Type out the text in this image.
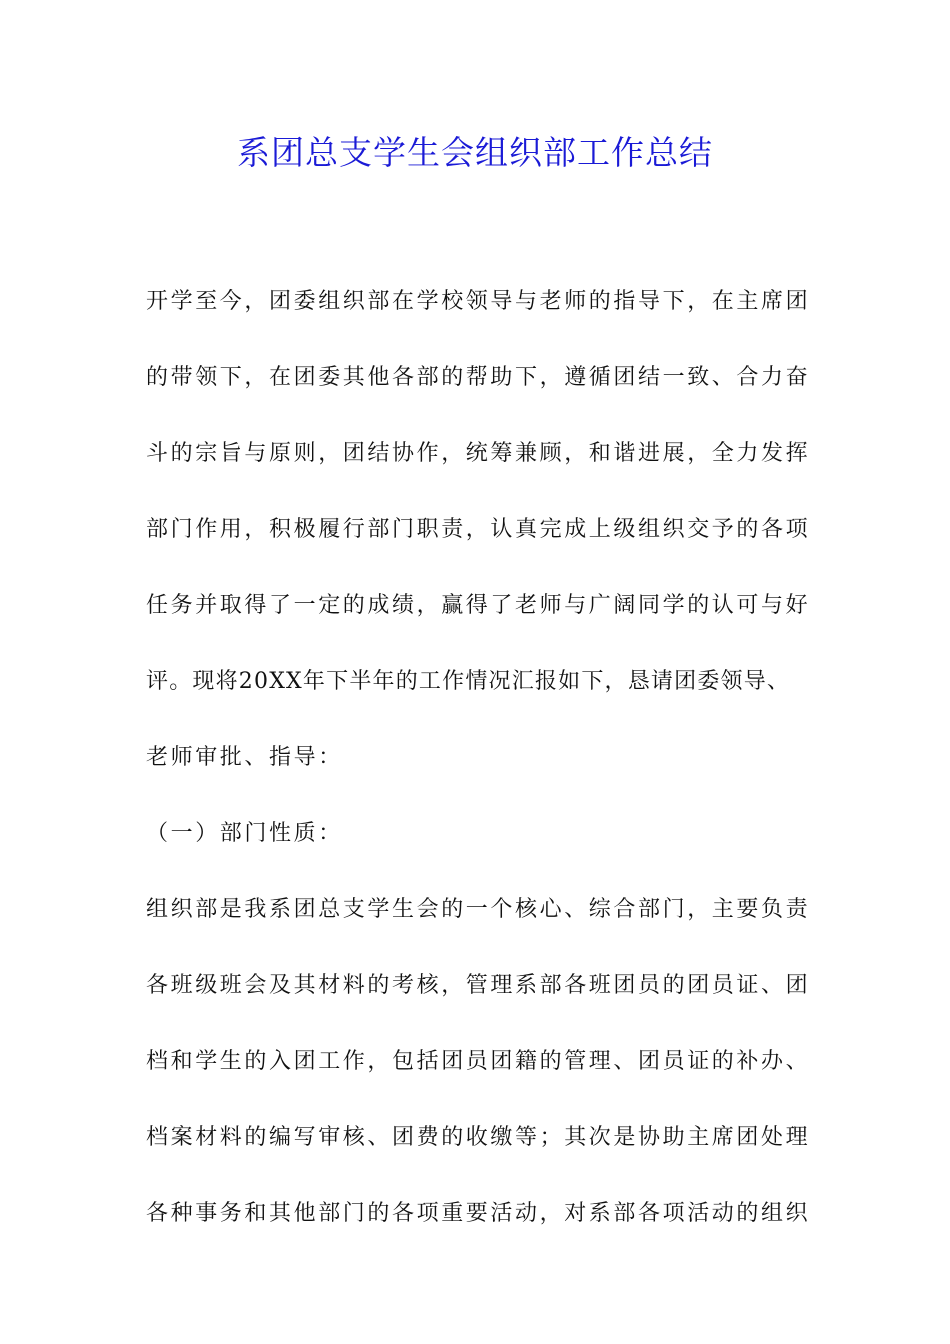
系团总支学生会组织部工作总结
开学至今，团委组织部在学校领导与老师的指导下，在主席团
的带领下，在团委其他各部的帮助下，遵循团结一致、合力奋
斗的宗旨与原则，团结协作，统筹兼顾，和谐进展，全力发挥
部门作用，积极履行部门职责，认真完成上级组织交予的各项
任务并取得了一定的成绩，赢得了老师与广阔同学的认可与好
评。现将20XX年下半年的工作情况汇报如下，恳请团委领导、
老师审批、指导：
（一）部门性质：
组织部是我系团总支学生会的一个核心、综合部门，主要负责
各班级班会及其材料的考核，管理系部各班团员的团员证、团
档和学生的入团工作，包括团员团籍的管理、团员证的补办、
档案材料的编写审核、团费的收缴等；其次是协助主席团处理
各种事务和其他部门的各项重要活动，对系部各项活动的组织
